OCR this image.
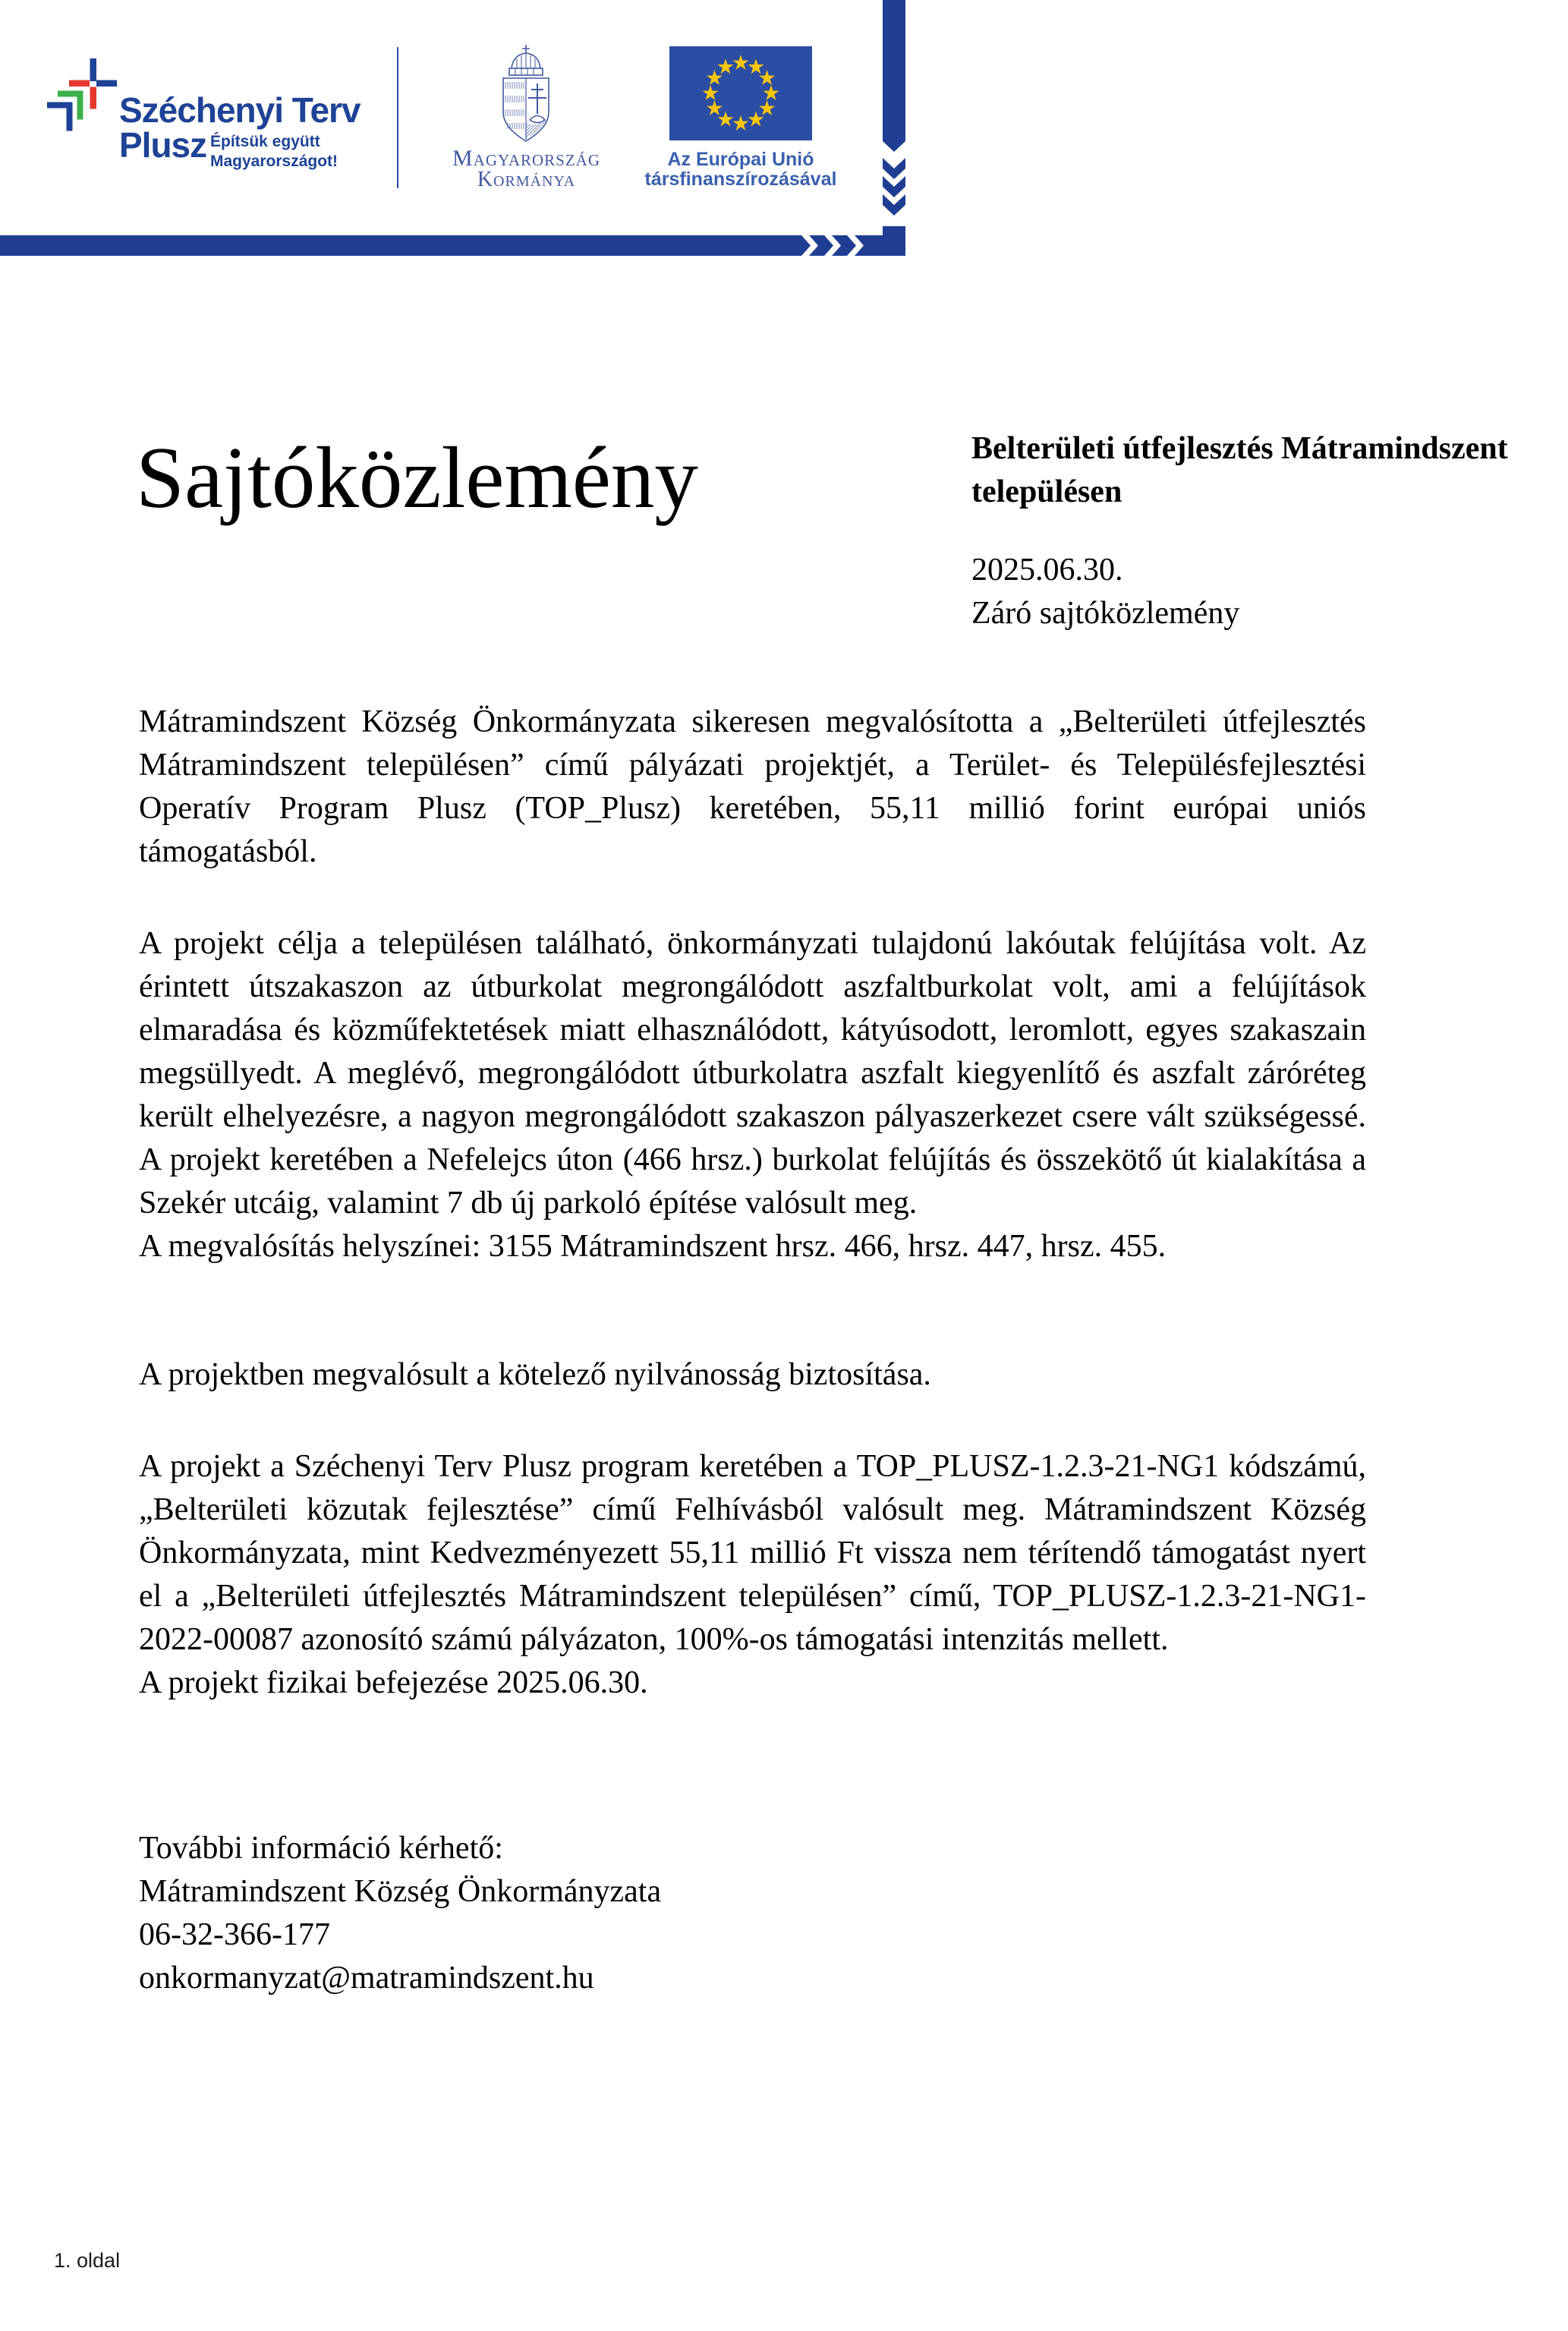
Széchenyi Terv
Plusz Építsük együtt
Magyarországot!	Magyarország
Kormánya
Az Európai Unió
társfinanszírozásával
Sajtóközlemény	Belterületi útfejlesztés Mátramindszent településen
2025.06.30.
Záró sajtóközlemény
Mátramindszent Község Önkormányzata sikeresen megvalósította a „Belterületi útfejlesztés Mátramindszent településen” című pályázati projektjét, a Terület- és Településfejlesztési Operatív Program Plusz (TOP_Plusz) keretében, 55,11 millió forint európai uniós támogatásból.
A projekt célja a településen található, önkormányzati tulajdonú lakóutak felújítása volt. Az érintett útszakaszon az útburkolat megrongálódott aszfaltburkolat volt, ami a felújítások elmaradása és közműfektetések miatt elhasználódott, kátyúsodott, leromlott, egyes szakaszain megsüllyedt. A meglévő, megrongálódott útburkolatra aszfalt kiegyenlítő és aszfalt záróréteg került elhelyezésre, a nagyon megrongálódott szakaszon pályaszerkezet csere vált szükségessé. A projekt keretében a Nefelejcs úton (466 hrsz.) burkolat felújítás és összekötő út kialakítása a Szekér utcáig, valamint 7 db új parkoló építése valósult meg.
A megvalósítás helyszínei: 3155 Mátramindszent hrsz. 466, hrsz. 447, hrsz. 455.
A projektben megvalósult a kötelező nyilvánosság biztosítása.
A projekt a Széchenyi Terv Plusz program keretében a TOP_PLUSZ-1.2.3-21-NG1 kódszámú, „Belterületi közutak fejlesztése” című Felhívásból valósult meg. Mátramindszent Község Önkormányzata, mint Kedvezményezett 55,11 millió Ft vissza nem térítendő támogatást nyert el a „Belterületi útfejlesztés Mátramindszent településen” című, TOP_PLUSZ-1.2.3-21-NG1-2022-00087 azonosító számú pályázaton, 100%-os támogatási intenzitás mellett.
A projekt fizikai befejezése 2025.06.30.
További információ kérhető:
Mátramindszent Község Önkormányzata
06-32-366-177
onkormanyzat@matramindszent.hu
1. oldal
